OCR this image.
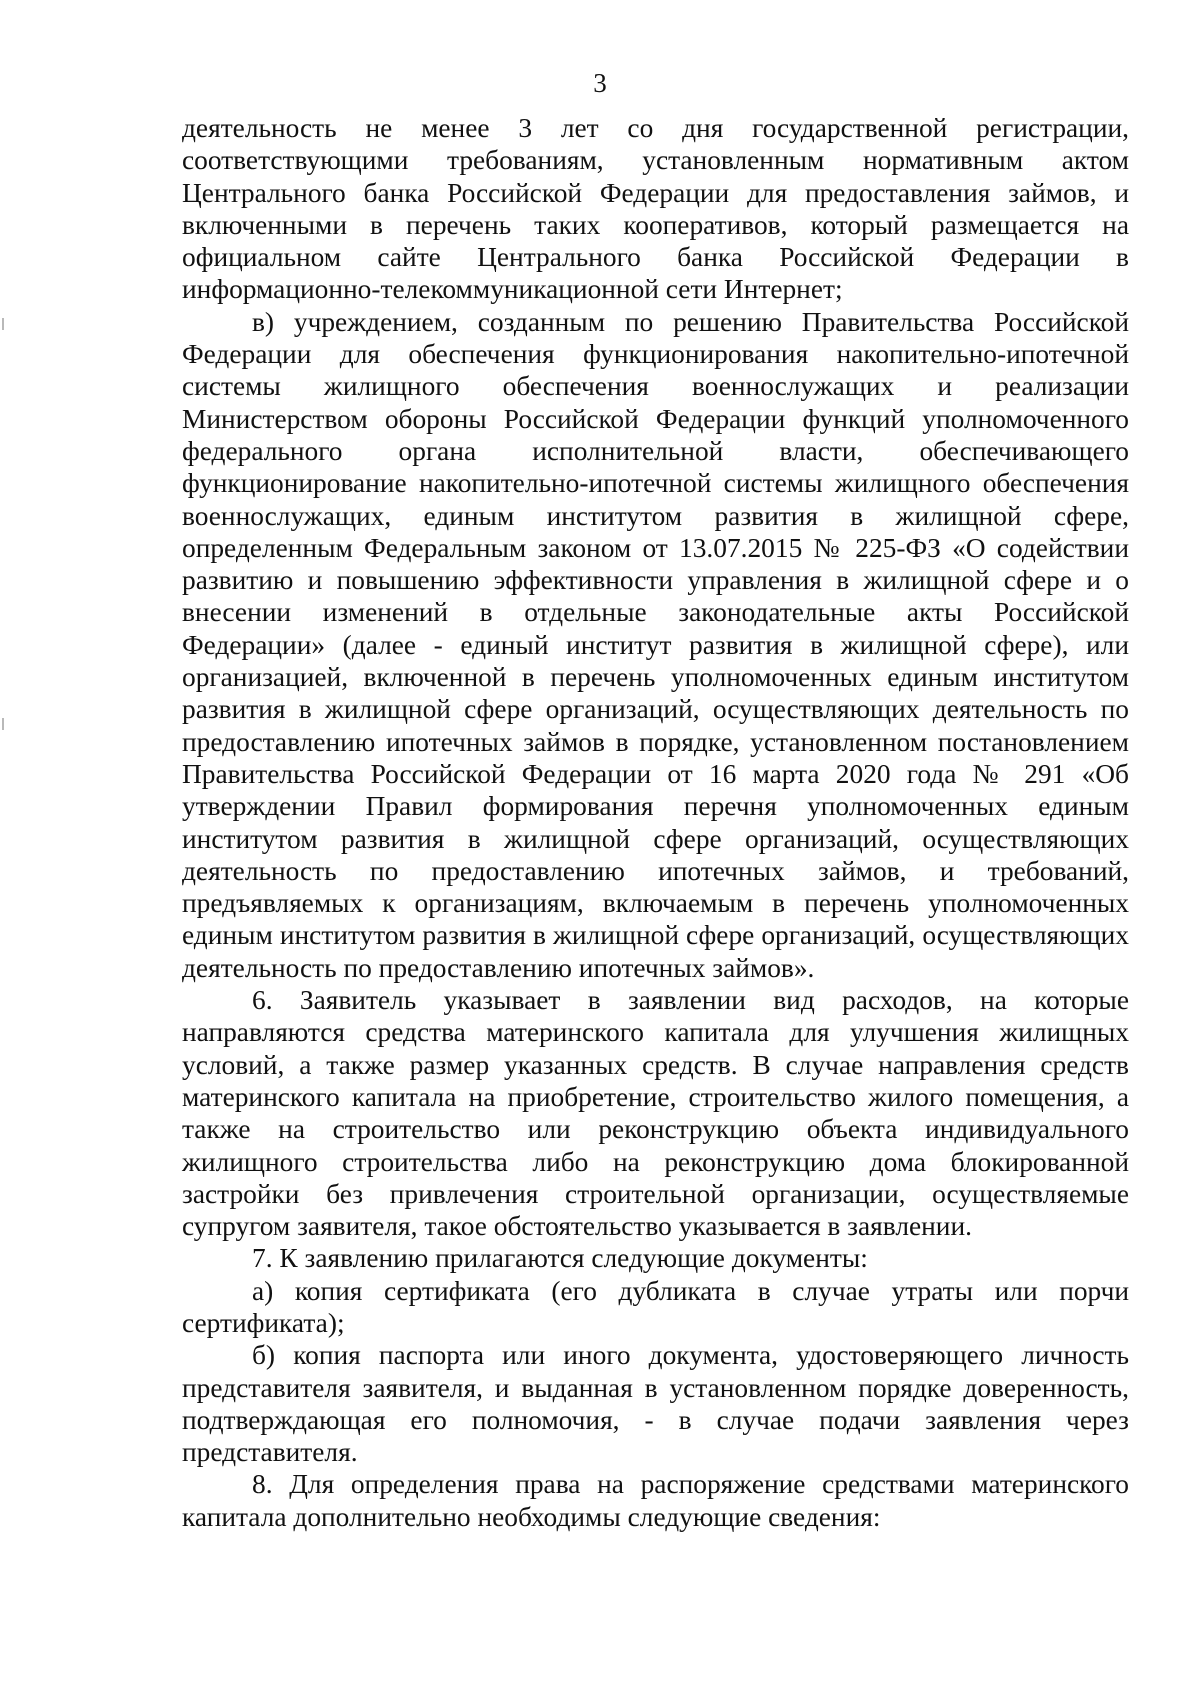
3

деятельность не менее 3 лет со дня государственной регистрации, соответствующими требованиям, установленным нормативным актом Центрального банка Российской Федерации для предоставления займов, и включенными в перечень таких кооперативов, который размещается на официальном сайте Центрального банка Российской Федерации в информационно-телекоммуникационной сети Интернет;

в) учреждением, созданным по решению Правительства Российской Федерации для обеспечения функционирования накопительно-ипотечной системы жилищного обеспечения военнослужащих и реализации Министерством обороны Российской Федерации функций уполномоченного федерального органа исполнительной власти, обеспечивающего функционирование накопительно-ипотечной системы жилищного обеспечения военнослужащих, единым институтом развития в жилищной сфере, определенным Федеральным законом от 13.07.2015 № 225-ФЗ «О содействии развитию и повышению эффективности управления в жилищной сфере и о внесении изменений в отдельные законодательные акты Российской Федерации» (далее - единый институт развития в жилищной сфере), или организацией, включенной в перечень уполномоченных единым институтом развития в жилищной сфере организаций, осуществляющих деятельность по предоставлению ипотечных займов в порядке, установленном постановлением Правительства Российской Федерации от 16 марта 2020 года № 291 «Об утверждении Правил формирования перечня уполномоченных единым институтом развития в жилищной сфере организаций, осуществляющих деятельность по предоставлению ипотечных займов, и требований, предъявляемых к организациям, включаемым в перечень уполномоченных единым институтом развития в жилищной сфере организаций, осуществляющих деятельность по предоставлению ипотечных займов».

6. Заявитель указывает в заявлении вид расходов, на которые направляются средства материнского капитала для улучшения жилищных условий, а также размер указанных средств. В случае направления средств материнского капитала на приобретение, строительство жилого помещения, а также на строительство или реконструкцию объекта индивидуального жилищного строительства либо на реконструкцию дома блокированной застройки без привлечения строительной организации, осуществляемые супругом заявителя, такое обстоятельство указывается в заявлении.

7. К заявлению прилагаются следующие документы:

а) копия сертификата (его дубликата в случае утраты или порчи сертификата);

б) копия паспорта или иного документа, удостоверяющего личность представителя заявителя, и выданная в установленном порядке доверенность, подтверждающая его полномочия, - в случае подачи заявления через представителя.

8. Для определения права на распоряжение средствами материнского капитала дополнительно необходимы следующие сведения:
